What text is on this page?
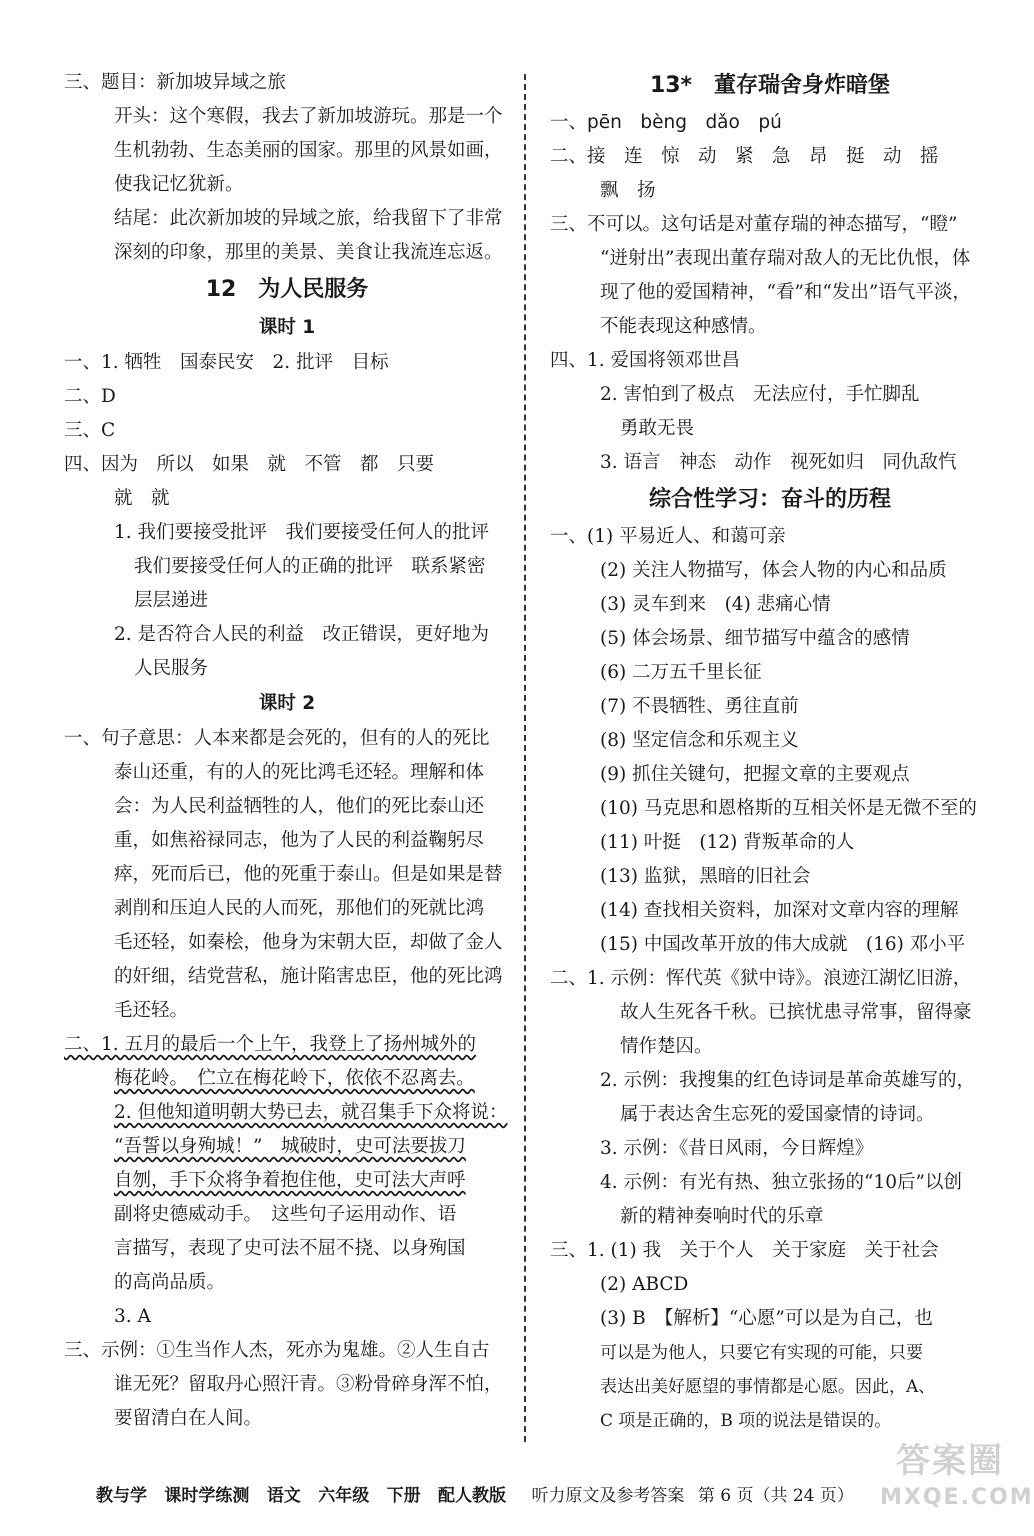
三、题目：新加坡异域之旅
开头：这个寒假，我去了新加坡游玩。那是一个
生机勃勃、生态美丽的国家。那里的风景如画，
使我记忆犹新。
结尾：此次新加坡的异域之旅，给我留下了非常
深刻的印象，那里的美景、美食让我流连忘返。
12　为人民服务
课时 1
一、1. 牺牲　国泰民安　2. 批评　目标
二、D
三、C
四、因为　所以　如果　就　不管　都　只要
就　就
1. 我们要接受批评　我们要接受任何人的批评
我们要接受任何人的正确的批评　联系紧密
层层递进
2. 是否符合人民的利益　改正错误，更好地为
人民服务
课时 2
一、句子意思：人本来都是会死的，但有的人的死比
泰山还重，有的人的死比鸿毛还轻。理解和体
会：为人民利益牺牲的人，他们的死比泰山还
重，如焦裕禄同志，他为了人民的利益鞠躬尽
瘁，死而后已，他的死重于泰山。但是如果是替
剥削和压迫人民的人而死，那他们的死就比鸿
毛还轻，如秦桧，他身为宋朝大臣，却做了金人
的奸细，结党营私，施计陷害忠臣，他的死比鸿
毛还轻。
二、1. 五月的最后一个上午，我登上了扬州城外的
梅花岭。　伫立在梅花岭下，依依不忍离去。
2. 但他知道明朝大势已去，就召集手下众将说：
“吾誓以身殉城！”　城破时，史可法要拔刀
自刎，手下众将争着抱住他，史可法大声呼
副将史德威动手。　这些句子运用动作、语
言描写，表现了史可法不屈不挠、以身殉国
的高尚品质。
3. A
三、示例：①生当作人杰，死亦为鬼雄。②人生自古
谁无死？留取丹心照汗青。③粉骨碎身浑不怕，
要留清白在人间。
13*　董存瑞舍身炸暗堡
一、pēn　bèng　dǎo　pú
二、接　连　惊　动　紧　急　昂　挺　动　摇
飘　扬
三、不可以。这句话是对董存瑞的神态描写，“瞪”
“迸射出”表现出董存瑞对敌人的无比仇恨，体
现了他的爱国精神，“看”和“发出”语气平淡，
不能表现这种感情。
四、1. 爱国将领邓世昌
2. 害怕到了极点　无法应付，手忙脚乱
勇敢无畏
3. 语言　神态　动作　视死如归　同仇敌忾
综合性学习：奋斗的历程
一、(1) 平易近人、和蔼可亲
(2) 关注人物描写，体会人物的内心和品质
(3) 灵车到来　(4) 悲痛心情
(5) 体会场景、细节描写中蕴含的感情
(6) 二万五千里长征
(7) 不畏牺牲、勇往直前
(8) 坚定信念和乐观主义
(9) 抓住关键句，把握文章的主要观点
(10) 马克思和恩格斯的互相关怀是无微不至的
(11) 叶挺　(12) 背叛革命的人
(13) 监狱，黑暗的旧社会
(14) 查找相关资料，加深对文章内容的理解
(15) 中国改革开放的伟大成就　(16) 邓小平
二、1. 示例：恽代英《狱中诗》。浪迹江湖忆旧游，
故人生死各千秋。已摈忧患寻常事，留得豪
情作楚囚。
2. 示例：我搜集的红色诗词是革命英雄写的，
属于表达舍生忘死的爱国豪情的诗词。
3. 示例：《昔日风雨，今日辉煌》
4. 示例：有光有热、独立张扬的“10后”以创
新的精神奏响时代的乐章
三、1. (1) 我　关于个人　关于家庭　关于社会
(2) ABCD
(3) B　【解析】“心愿”可以是为自己，也
可以是为他人，只要它有实现的可能，只要
表达出美好愿望的事情都是心愿。因此，A、
C 项是正确的，B 项的说法是错误的。
教与学 课时学练测 语文 六年级 下册 配人教版 听力原文及参考答案 第 6 页（共 24 页）
答案圈
MXQE.COM
